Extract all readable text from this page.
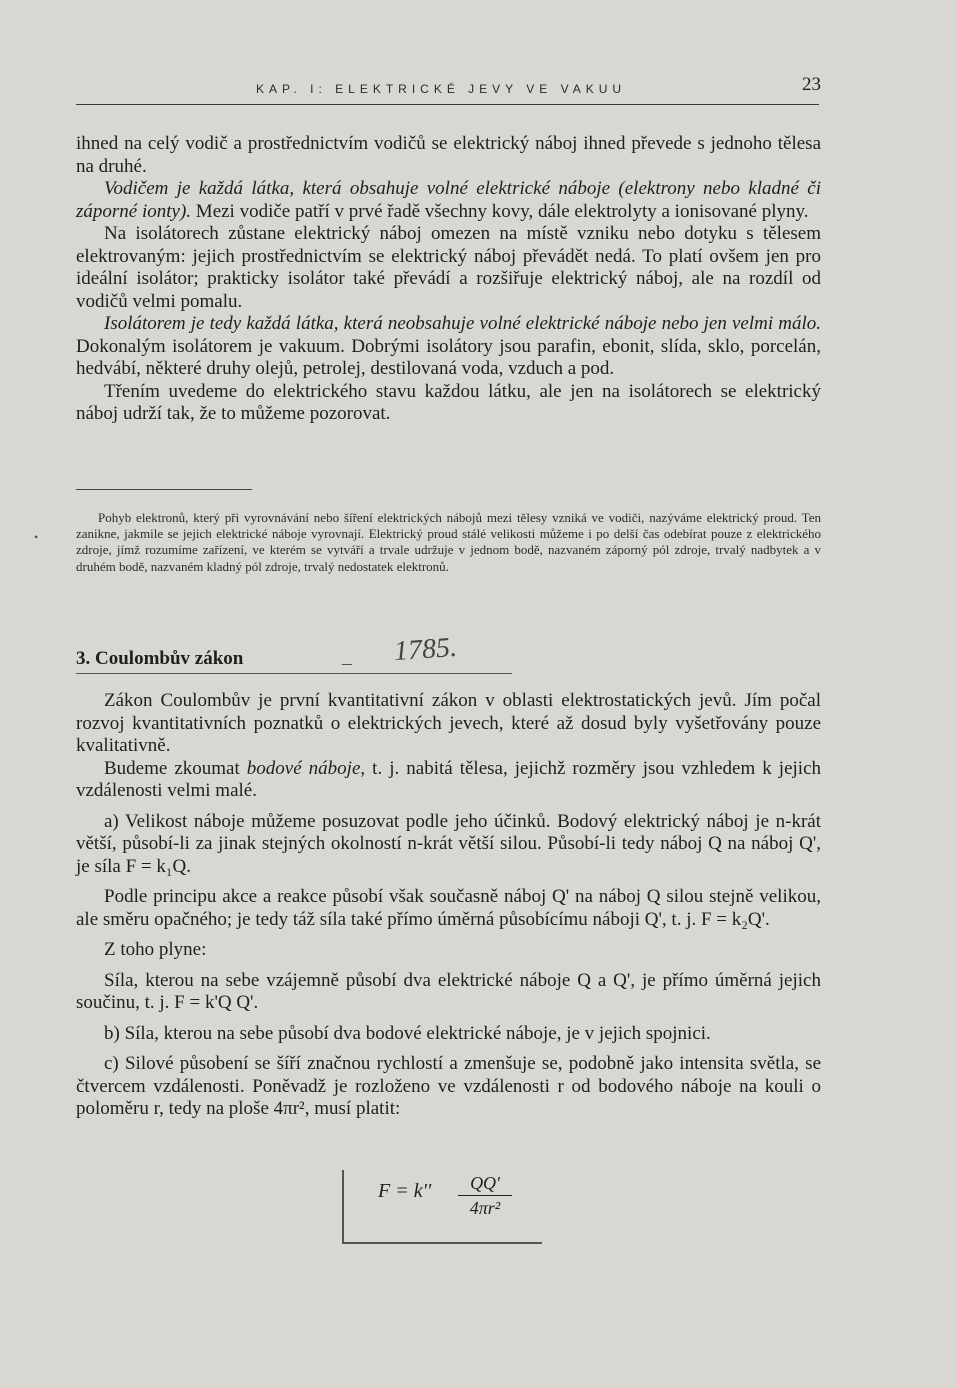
KAP. I: ELEKTRICKÉ JEVY VE VAKUU	23

ihned na celý vodič a prostřednictvím vodičů se elektrický náboj ihned převede s jednoho tělesa na druhé.

Vodičem je každá látka, která obsahuje volné elektrické náboje (elektrony nebo kladné či záporné ionty). Mezi vodiče patří v prvé řadě všechny kovy, dále elektrolyty a ionisované plyny.

Na isolátorech zůstane elektrický náboj omezen na místě vzniku nebo dotyku s tělesem elektrovaným: jejich prostřednictvím se elektrický náboj převádět nedá. To platí ovšem jen pro ideální isolátor; prakticky isolátor také převádí a rozšiřuje elektrický náboj, ale na rozdíl od vodičů velmi pomalu.

Isolátorem je tedy každá látka, která neobsahuje volné elektrické náboje nebo jen velmi málo. Dokonalým isolátorem je vakuum. Dobrými isolátory jsou parafin, ebonit, slída, sklo, porcelán, hedvábí, některé druhy olejů, petrolej, destilovaná voda, vzduch a pod.

Třením uvedeme do elektrického stavu každou látku, ale jen na isolátorech se elektrický náboj udrží tak, že to můžeme pozorovat.

•

Pohyb elektronů, který při vyrovnávání nebo šíření elektrických nábojů mezi tělesy vzniká ve vodiči, nazýváme elektrický proud. Ten zanikne, jakmile se jejich elektrické náboje vyrovnají. Elektrický proud stálé velikosti můžeme i po delší čas odebírat pouze z elektrického zdroje, jímž rozumíme zařízení, ve kterém se vytváří a trvale udržuje v jednom bodě, nazvaném záporný pól zdroje, trvalý nadbytek a v druhém bodě, nazvaném kladný pól zdroje, trvalý nedostatek elektronů.

3. Coulombův zákon	– 1785.

Zákon Coulombův je první kvantitativní zákon v oblasti elektrostatických jevů. Jím počal rozvoj kvantitativních poznatků o elektrických jevech, které až dosud byly vyšetřovány pouze kvalitativně.

Budeme zkoumat bodové náboje, t. j. nabitá tělesa, jejichž rozměry jsou vzhledem k jejich vzdálenosti velmi malé.

a) Velikost náboje můžeme posuzovat podle jeho účinků. Bodový elektrický náboj je n-krát větší, působí-li za jinak stejných okolností n-krát větší silou. Působí-li tedy náboj Q na náboj Q', je síla F = k₁Q.

Podle principu akce a reakce působí však současně náboj Q' na náboj Q silou stejně velikou, ale směru opačného; je tedy táž síla také přímo úměrná působícímu náboji Q', t. j. F = k₂Q'.

Z toho plyne:

Síla, kterou na sebe vzájemně působí dva elektrické náboje Q a Q', je přímo úměrná jejich součinu, t. j. F = k'Q Q'.

b) Síla, kterou na sebe působí dva bodové elektrické náboje, je v jejich spojnici.

c) Silové působení se šíří značnou rychlostí a zmenšuje se, podobně jako intensita světla, se čtvercem vzdálenosti. Poněvadž je rozloženo ve vzdálenosti r od bodového náboje na kouli o poloměru r, tedy na ploše 4πr², musí platit:

$F = k'' \frac{QQ'}{\text{4πr²}}$
